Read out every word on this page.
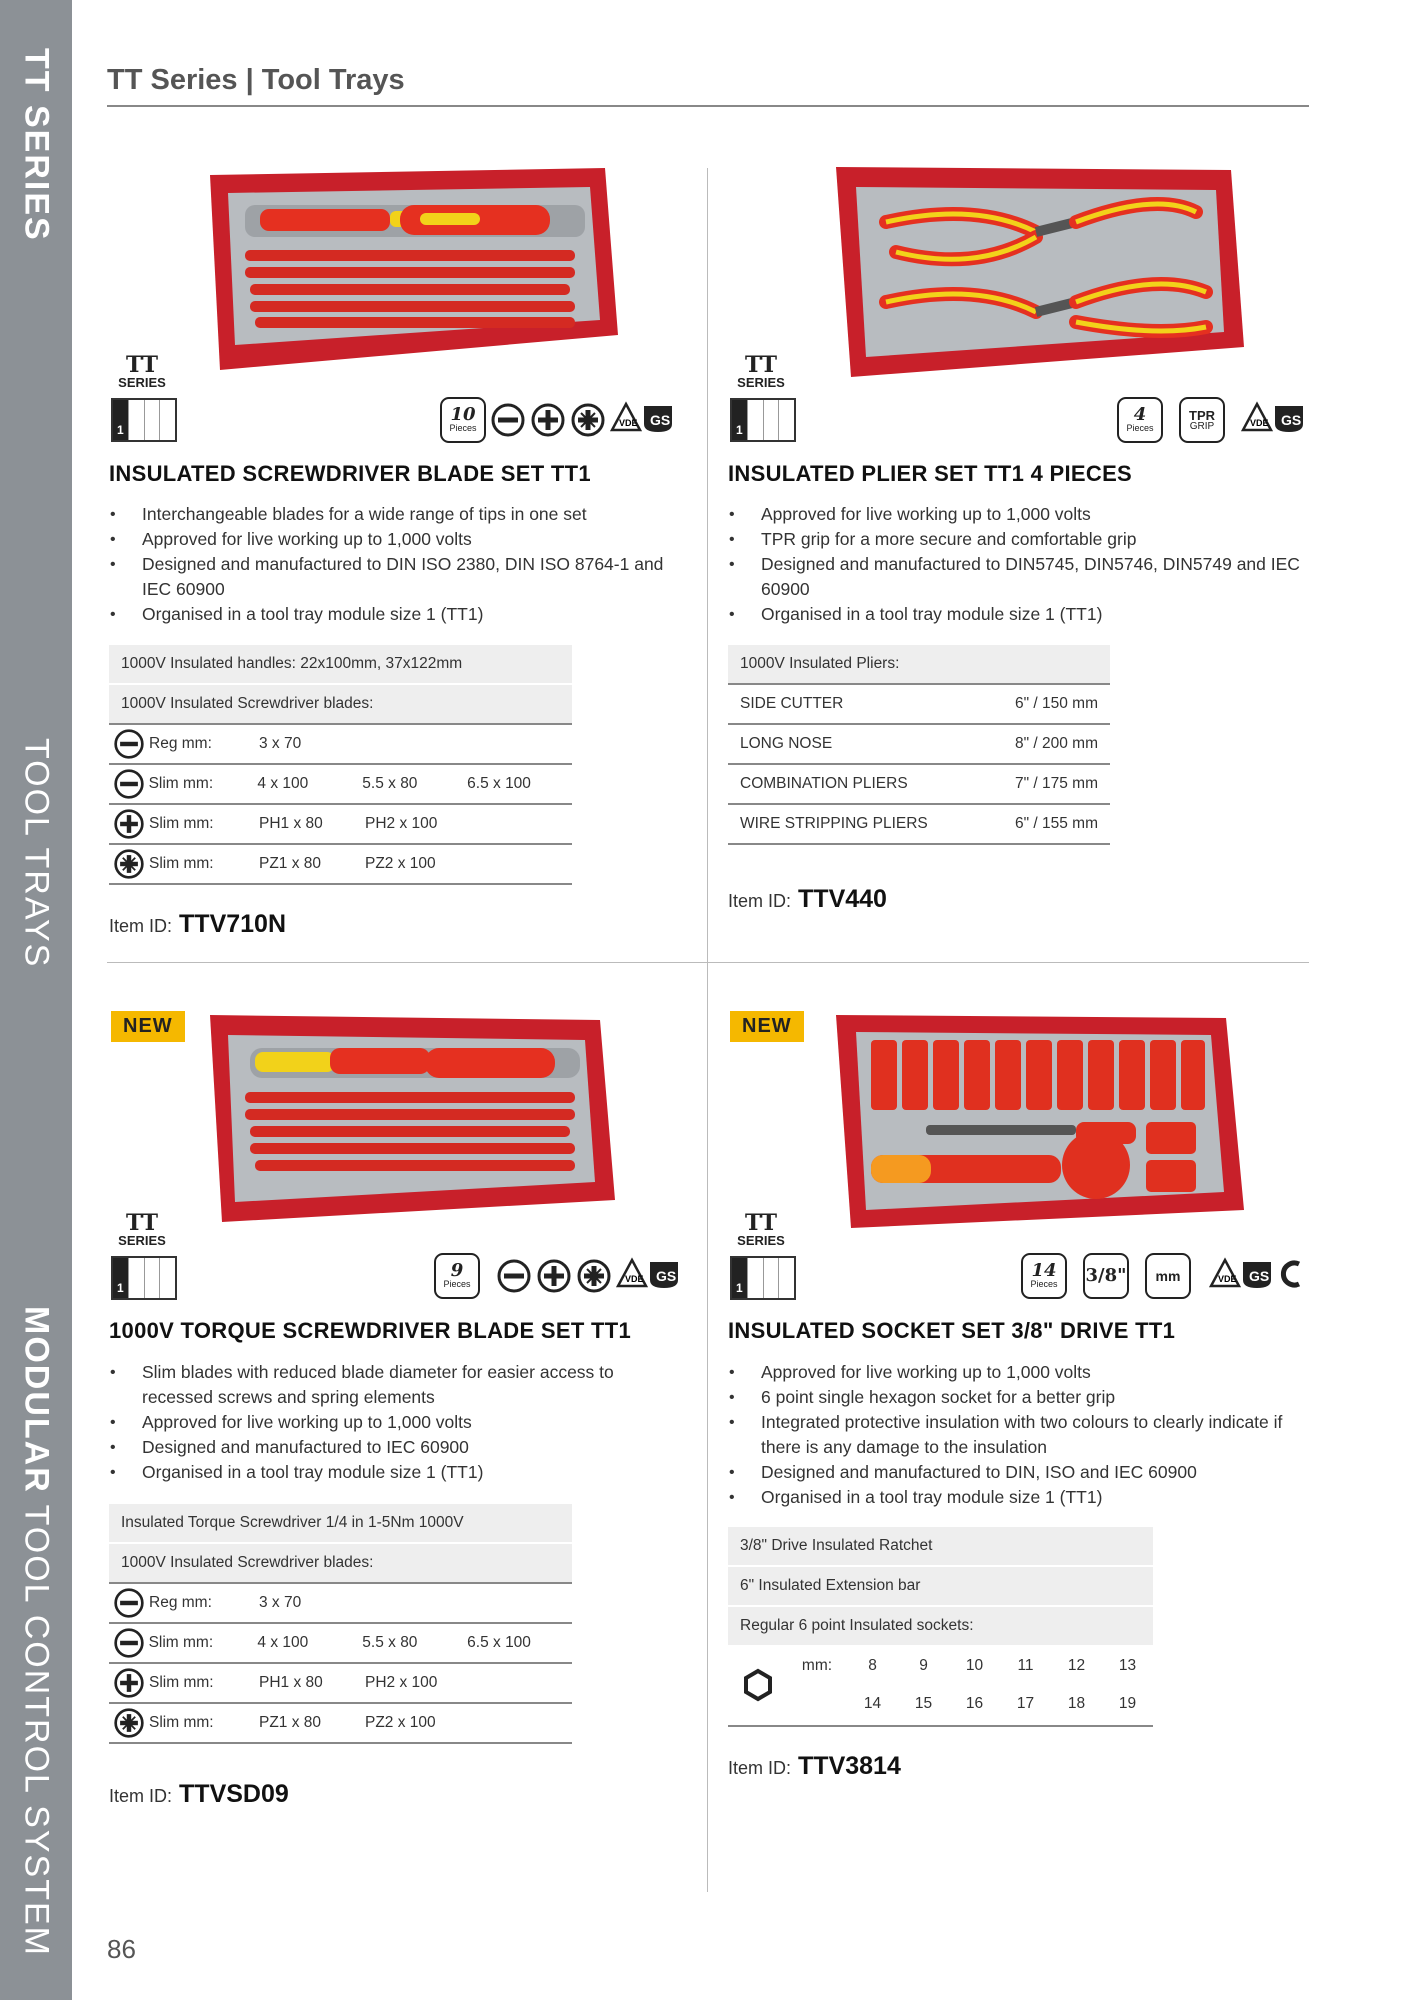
TT SERIES
TOOL TRAYS
MODULAR TOOL CONTROL SYSTEM
TT Series | Tool Trays
86
TT
SERIES
1
10
Pieces
VDE GS
INSULATED SCREWDRIVER BLADE SET TT1
• Interchangeable blades for a wide range of tips in one set
• Approved for live working up to 1,000 volts
• Designed and manufactured to DIN ISO 2380, DIN ISO 8764-1 and IEC 60900
• Organised in a tool tray module size 1 (TT1)
1000V Insulated handles: 22x100mm, 37x122mm
1000V Insulated Screwdriver blades:
Reg mm:	3 x 70
Slim mm:	4 x 100	5.5 x 80	6.5 x 100
Slim mm:	PH1 x 80	PH2 x 100
Slim mm:	PZ1 x 80	PZ2 x 100
Item ID: TTV710N
TT
SERIES
1
4
Pieces
TPR
GRIP	VDE GS
INSULATED PLIER SET TT1 4 PIECES
• Approved for live working up to 1,000 volts
• TPR grip for a more secure and comfortable grip
• Designed and manufactured to DIN5745, DIN5746, DIN5749 and IEC 60900
• Organised in a tool tray module size 1 (TT1)
1000V Insulated Pliers:
SIDE CUTTER	6" / 150 mm
LONG NOSE	8" / 200 mm
COMBINATION PLIERS	7" / 175 mm
WIRE STRIPPING PLIERS	6" / 155 mm
Item ID: TTV440
NEW
TT
SERIES
1
9
Pieces
VDE GS
1000V TORQUE SCREWDRIVER BLADE SET TT1
• Slim blades with reduced blade diameter for easier access to recessed screws and spring elements
• Approved for live working up to 1,000 volts
• Designed and manufactured to IEC 60900
• Organised in a tool tray module size 1 (TT1)
Insulated Torque Screwdriver 1/4 in 1-5Nm 1000V
1000V Insulated Screwdriver blades:
Reg mm:	3 x 70
Slim mm:	4 x 100	5.5 x 80	6.5 x 100
Slim mm:	PH1 x 80	PH2 x 100
Slim mm:	PZ1 x 80	PZ2 x 100
Item ID: TTVSD09
NEW
TT
SERIES
1
14
Pieces	3/8"	mm	VDE GS
INSULATED SOCKET SET 3/8" DRIVE TT1
• Approved for live working up to 1,000 volts
• 6 point single hexagon socket for a better grip
• Integrated protective insulation with two colours to clearly indicate if there is any damage to the insulation
• Designed and manufactured to DIN, ISO and IEC 60900
• Organised in a tool tray module size 1 (TT1)
3/8" Drive Insulated Ratchet
6" Insulated Extension bar
Regular 6 point Insulated sockets:
mm:	8	9	10	11	12	13
14	15	16	17	18	19
Item ID: TTV3814
